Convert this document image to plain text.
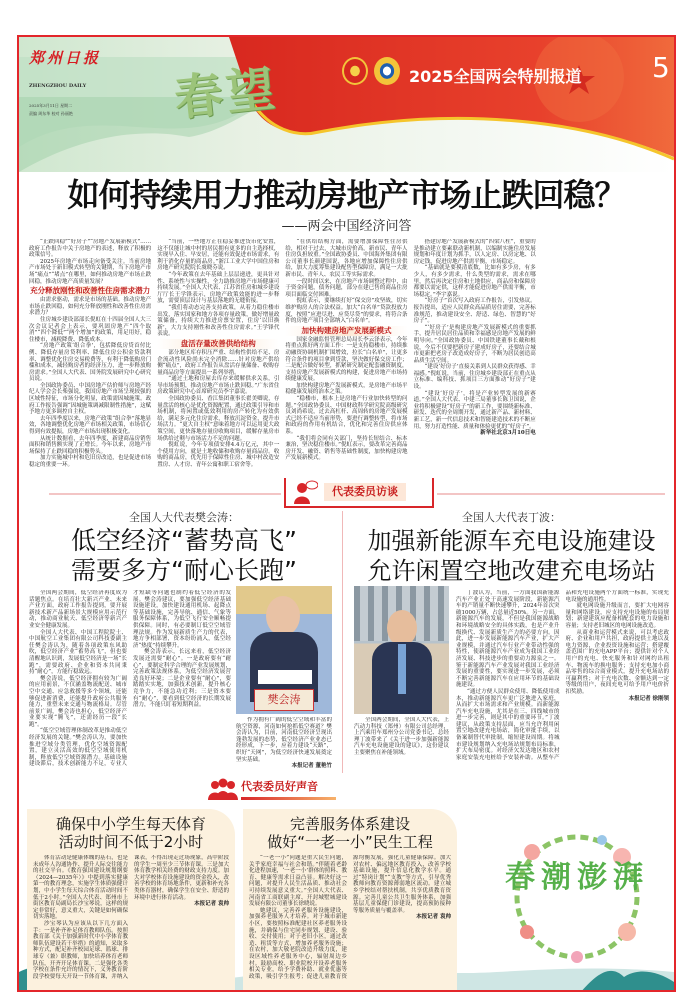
郑州日报
ZHENGZHOU DAILY
2025年3月11日 星期二
责编 周东华 校对 孙丽艳 春望	2025全国两会特别报道	5
如何持续用力推动房地产市场止跌回稳？
——两会中国经济问答

“止跌回稳”“好房子”“房地产发展新模式”……政府工作报告中关于房地产的表述，释放了积极的政策信号。

2025年房地产市场走向备受关注。当前房地产市场处于新旧模式转型的关键期，当下房地产市场“痛点”“堵点”在哪里，如何推动房地产市场止跌回稳，推动房地产高质量发展？

充分释放刚性和改善性住房需求潜力

由需求驱动，需求是市场的基础。推动房地产市场止跌回稳，如何充分释放刚性和改善性住房需求潜力？

住房城乡建设部部长倪虹在十四届全国人大三次会议记者会上表示，要巩固房地产“四个取消”“四个降低”“两个增加”的政策，用足用好，稳住楼市，减税降费、降低成本。

“房地产政策‘组合拳’，包括降低房贷首付比例、降低存量房贷利率、降低住房公积金贷款利率、调整优化住房交易税费等，有利于降低购房门槛和成本，减轻购房者的经济压力，进一步释放购房需求。”全国人大代表、国务院发展研究中心研究员说。

全国政协委员、中国房地产估价师与房地产经纪人学会会长柴强说，我国房地产市场呈现较强的区域性特征，市场分化明显，政策需因城施策。政府工作报告强调“因城施策调减限制性措施”，这赋予地方更多调控自主权。

去年四季度以来，房地产政策“组合拳”落地显效，各地调整优化房地产市场相关政策，市场信心得到有效提振，房地产市场出现积极变化。

从统计数据看，去年四季度，新建商品房销售面积和销售额实现了正增长。今年以来，房地产市场保持了止跌回稳的积极势头。

加力实施城中村和危旧房改造，也是促进市场稳定的重要一环。

“当前，一些地方正在稳妥推进货币化安置，这不仅能让城中村的居民拥有更多的自主选择权，实现早入住、早安居，还能有效促进市场需求，有利于消化存量的商品房。”浙江工业大学中国住房和房地产研究院院长虞晓芬说。

“今年政策在去年基础上层层递进，更具针对性、系统性与实操性，全力助推房地产市场健康可持续发展。”全国人大代表、江苏省住房和城乡建设厅厅长王学锋表示，房地产政策效能的进一步释放，需要顶层设计与基层落地的无缝衔接。

“我们将动态完善支持政策，从着力稳住楼市出发，落实国家和地方各项存量政策，做好增量政策储备，持续大力推进房票安置，住房‘以旧换新’，大力支持刚性和改善性住房需求。”王学锋代表说。

盘活存量改善供给结构

部分地区库存积压严重、结构性供给不足、房企流动性风险尚未完全消除……针对房地产供给侧“痛点”，政府工作报告从盘活存量储备、收购存量商品房等方面提出一系列举措。

“通过土地和房屋去库存来缓解供求关系，引导市场预期，推动房地产市场止跌回稳。”广东省住房政策研究中心首席研究员李宇嘉说。

全国政协委员、香江集团董事长翟美卿说，存量盘活的核心是优化资源配置，通过政策引导和市场机制，将闲置或低效利用的房产转化为有效供给，满足多元化住房需求，释放沉淀资金，提升市场活力。“更大自主权”意味着地方可以运用更大政策空间，更快落地存量房收购项目，缓解存量房市场供给过剩与市场活力不足的问题。

倪虹说，今年专项债安排4.4万亿元，其中一个使用方向，就是土地收储和收购存量商品房。收购的商品房，优先用于保障性住房、城中村改造安置房、人才房、青年公寓和职工宿舍等。

“在供给结构方面，需要增加保障性住房供给，相对于过去，大城市房价高，新市民、青年人住房负担较重。”全国政协委员、中国海外集团有限公司董事长颜建国说，各地应增加保障性住房供给，加大力度筹集建设配售型保障房，满足一大批新市民、青年人、农民工等实际需求。

一段时间以来，在房地产市场调整过程中，由于资金问题，债务问题，部分在建已售的商品住房项目面临交付困难。

倪虹表示，要继续打好“保交房”攻坚战，切实维护购房人的合法权益。加大“白名单”贷款投放力度，按照“应进尽进、应贷尽贷”的要求，将符合条件的房地产项目全部纳入“白名单”。

加快构建房地产发展新模式

国家金融监督管理总局局长李云泽表示，今年将重点抓好两方面工作：一是支持稳楼市，持续推动融资协调机制扩围增效，拉长“白名单”，让更多符合条件的项目拿到贷款，坚决做好保交房工作；二是配合做好转型，抓紧研究制定配套融资制度，支持房地产发展新模式的构建，促进房地产市场持续健康发展。

加快构建房地产发展新模式，是房地产市场平稳健康发展的治本之策。

“稳楼市，根本上是房地产行业加快转型的问题。”全国政协委员、中国财政科学研究院高级研究员刘尚希说，过去高杠杆、高周转的房地产发展模式已经不适应当前形势，要进行调整转型，将市场和政府的作用有机结合，优化和完善住房供应体系。

“我们将会同有关部门，坚持长短结合、标本兼治，坚决稳住楼市。”倪虹表示，要改革完善商品房开发、融资、销售等基础性制度，加快构建房地产发展新模式。

搭建房地产发展新模式的“四梁八柱”，重要的是推动建立要素联动新机制，以编制实施住房发展规划和年度计划为抓手，以人定房、以房定地、以房定钱，促进房地产供需平衡，市场稳定。

“基础就是要摸清底数，比如有多少房，有多少人，有多少需求，什么类型的需求，需求在哪里，然后再决定住房和土地供应，商品房和保障房都要以需定供，这样才能促进房地产供需平衡，市场稳定。”李宇嘉说。

“好房子”首次写入政府工作报告，引发热议。报告提出，适应人民群众高品质居住需要，完善标准规范，推动建设安全、舒适、绿色、智慧的“好房子”。

“‘好房子’是构建房地产发展新模式的重要抓手，提升居民居住品质和幸福感是房地产发展的鲜明导向。”全国政协委员、中国铁建董事长戴和根说，今后不仅要把新房子建成好房子，还要结合城市更新把老房子改造成好房子，不断为居民创造高品质生活空间。

“建设‘好房子’直接关系到人民群众获得感、幸福感。”倪虹说，当前，住房城乡建设部正在重点从立标准、编科技、抓项目三方面推动“好房子”建设。

“建设‘好房子’，将是产业转型发展的新赛道。”全国人大代表、中建三局董事长陈卫国说，企业将积极建设“好房子”的新工作，要围绕新标准、研发、迭代的全周期开发，通过新产品、新材料、新工艺，新一代信息技术和智能建造技术的不断应用，努力打造性能、质量和体验更优的“好房子”。

新华社北京3月10日电

代表委员访谈
全国人大代表樊会涛：
低空经济“蓄势高飞”
需要多方“耐心长跑”

全国两会期间，低空经济再度成为话题焦点。在培育壮大新兴产业、未来产业方面，政府工作报告提到，要开展新技术新产品新场景大规模应用示范行动，推动商业航天、低空经济等新兴产业安全健康发展。

全国人大代表、中国工程院院士、中国航空工业集团有限公司科技委副主任樊会涛认为，随着各项政策东风助吹，低空经济产业“蓄势高飞”，但也要清醒地认识到，发展低空经济是一场“长跑”，需要政府、企业和资本共同秉持“耐心”，方能行稳致远。

樊会涛说，低空经济拥有较为广阔的应用前景，不仅涵盖物流配送、城市空中交通、应急救援等多个领域，还能够促进新消费，还能提升政府公共服务能力，重塑未来交通与物流格局。尽管前景广阔，樊会涛也担心，低空经济产业要实现“腾飞”，还需经历一段“长跑”。

“低空空域管理体制改革是推动低空经济发展的关键。”樊会涛认为，要加快推进空域分类管理，优化空域资源配置，建立灵活高效的低空空域使用机制，释放低空空域资源潜力。基础设施建设滞后，技术创新能力不足，专业人才短缺等问题也制约着低空经济的发展。樊会涛建议，要加强低空经济基础设施建设，加快建设通用机场、起降点等基础设施，完善导航、通信、气象等服务保障体系，为低空飞行安全顺畅提供保障。同时，有必要制订低空空域管理法规。作为发展新质生产力的代表，地方争相部署，资本纷纷涌入，低空经济“热度”持续攀升。

樊会涛表示，长远来看，低空经济发展还需要“耐心”。一是政府要有“耐心”，要制定科学合理的产业发展规划，完善政策法规体系，为低空经济发展营造良好环境；二是企业要有“耐心”，要踏踏实实地，加强技术创新，提升核心竞争力，不能急功近利；三是资本要有“耐心”，要看到低空经济的长期发展潜力，不能只盯着短期利益。	樊会涛

作为拥有广阔的低空空域和丰富的航空资源，河南如何抢抓低空赛道？樊会涛认为，目前，河南低空经济呈现出蓬勃发展的态势，低空经济产业业态已经形成，下一步，应着力建设“天路”，织好“天网”，为低空经济快速发展奠定坚实基础。

本报记者 董艳竹

全国人大代表丁波：
加强新能源车充电设施建设
允许闲置空地改建充电场站

全国两会期间，全国人大代表，上汽动力科技（郑州）有限公司总经理，上汽乘用车郑州分公司党委书记、总经理丁波带来了《关于进一步加强新能源汽车充电设施建设的建议》，这份建议主要聚焦在补能领域。

丁波认为，当前，一方面我国新能源汽车产业正处于高速发展阶段，新能源汽车的产销量不断快速攀升，2024年首次突破1000万辆，占总量近50%。另一方面，新能源汽车的发展，不但是我国能源战略和环境战略安全的具体实践，也是产业升级换代、发展新质生产力的必要方向。因此，进一步发展新能源汽车产业，扩大产业规模，并通过汽车行业产业带动性强的特性，使新能源汽车产业成为我国工业经济发展、科技进步的重要动力源泉之一。鉴于新能源汽车产业发展对我国工业经济发展的重要性，要实现进一步发展，必须不断完善新能源汽车在应用环节的基础设施建设。

“通过方便人民群众使用、降低使用成本，推动新能源汽车更广泛地进入家庭，从而扩大市场需求和产业规模。而新能源汽车充电设施，尤其是在三、四线城市的进一步完善，则是其中的重要环节。”丁波建议，从政策支持层面，应当允许利用闲置空地改建充电场站，简化审批手续，以备案制替代审批制，缩短建设周期。将城市建设规划纳入充电场站规划布局标准，扩大布局密度。对经济欠发达地区和农村家庭安装充电桩给予安装补助。从整车产品和充电设施两个方面统一标准，实现充电设施的通用性。

就电网设施升级而言，要扩大电网容量和网络建设，应支持充电设施的布局规划；新建建筑应配备相配套的电力设施和容量；支持老旧城区的电网设施改造。

从商业和运营模式来说，可以考虑政府、企业和用户共担，政府提供土地以及电力资源，企业投资设施和运营；搭建覆盖范围广的充电APP平台；提供针对个人用户的充电、快充服务和针对网约出租车、物流车的换电服务；支持充电加小商品零售的综合商业模式，提升充电场站的可赢利性；对于充电次数、金额达到一定等级的用户，夜间充电可给予用户电价折扣奖励。

本报记者 徐刚领

代表委员好声音
确保中小学生每天体育
活动时间不低于2小时

体育活动是健康体魄的基石，也是未成年人沟通协作、提升人际交往能力的社交平台。《教育强国建设规划纲要（2024—2035年）》中提到落实健康第一的教育理念，实施学生体质强健计划，中小学生每天综合体育活动时间不低于2小时。”全国人大代表、郑州市上街区教育局副局长沙宝琴说，这样的规定非常好，意义重大，关键是如何确保切实落地。

沙宝琴认为应该从以下几方面入手：一是补齐补足体育教师队伍。按照教育部《关于加强新时代中小学体育教师队伍建设若干举措》的通知，采取多种方式，配足补齐校园足球、篮球、排球专（兼）职教师，加快培养体育老师队伍，开齐开足体育课。二是强化各类学校在条件允许的情况下，义务教育阶段学校要每天开设一节体育课，并纳入课表，不得出现走过场现象，高中阶段的学生一周至少三节体育课。三是加大体育教学相关经费的财政支持力度。加大对学校体育设施建设的资金投入，改善学校的体育场地条件，更新和补充各类体育器材，确保学生在安全、舒适的环境中进行体育活动。

本报记者 袁帅

完善服务体系建设
做好“一老一小”民生工程

“一老一小”问题是重大民生问题，关乎家庭幸福与社会和谐。”伴随着老龄化进程加速，‘一老一小’群体的照料、教育、健康等需求日益凸显。解决好这一问题，对提升人民生活品质、推动社会可持续发展意义重大。”全国人大代表、河南省工商联副主席、开封城墅城建设发展有限公司董事长徐晓说。

她建议，完善养老服务设施建设，加强养老服务人才培养。对于城市新建小区，要按照标准配建社区养老服务设施，并确保与住宅同步规划、建设、验收、交付使用；对于老旧小区，通过改造、租赁等方式，增加养老服务设施；在农村，加大敬老院改造升级力度，建设区域性养老服务中心，辐射周边乡村。鼓励高校、职业院校开设养老服务相关专业，给予学费补助、就业优惠等政策，吸引学生报考；促进儿童教育资源均衡发展，强化儿童健康保障。加大对农村、偏远地区教育投入，改善学校基础设施，提升信息化教学水平。通过“特岗计划”“支教”等方式，引导优秀教师向教育资源薄弱地区流动。建立城乡学校结对帮扶机制，共享优质教育资源。完善儿童公共卫生服务体系，加强基层儿童保健门诊建设，提高预防接种等服务质量与覆盖率。

本报记者 袁帅

春潮澎湃
